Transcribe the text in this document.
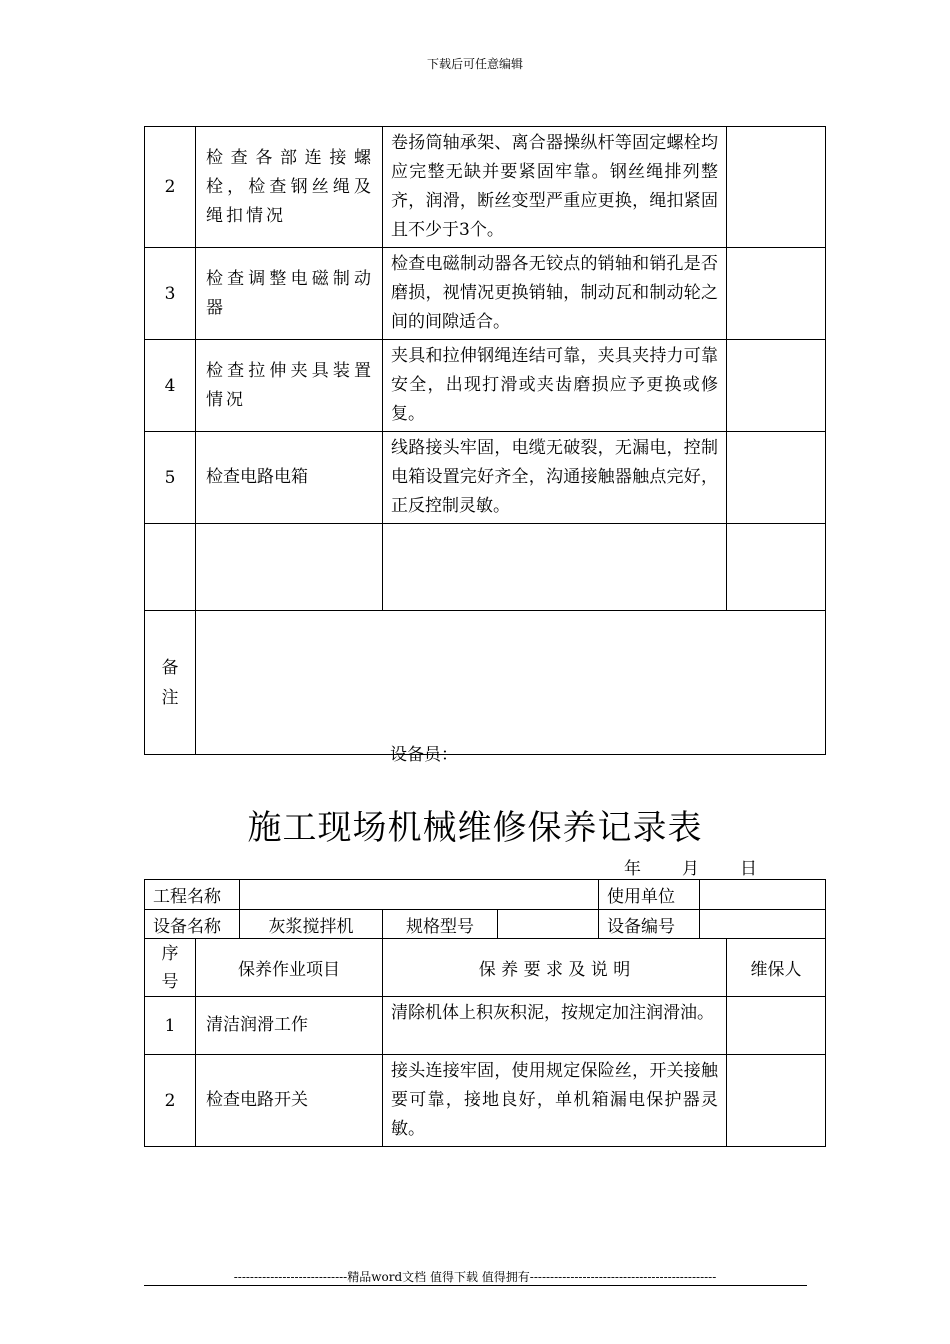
下载后可任意编辑
2	检查各部连接螺栓，检查钢丝绳及绳扣情况	卷扬筒轴承架、离合器操纵杆等固定螺栓均应完整无缺并要紧固牢靠。钢丝绳排列整齐，润滑，断丝变型严重应更换，绳扣紧固且不少于3个。	
3	检查调整电磁制动器	检查电磁制动器各无铰点的销轴和销孔是否磨损，视情况更换销轴，制动瓦和制动轮之间的间隙适合。	
4	检查拉伸夹具装置情况	夹具和拉伸钢绳连结可靠，夹具夹持力可靠安全，出现打滑或夹齿磨损应予更换或修复。	
5	检查电路电箱	线路接头牢固，电缆无破裂，无漏电，控制电箱设置完好齐全，沟通接触器触点完好，正反控制灵敏。	

备
注			

设备员：
施工现场机械维修保养记录表
年 月 日
工程名称					使用单位		
设备名称		灰浆搅拌机	规格型号		设备编号		

序
号	保养作业项目		保 养 要 求 及 说 明				维保人
1	清洁润滑工作		清除机体上积灰积泥，按规定加注润滑油。				
2	检查电路开关		接头连接牢固，使用规定保险丝，开关接触要可靠，接地良好，单机箱漏电保护器灵敏。				
----------------------------精品word文档 值得下载 值得拥有----------------------------------------------
